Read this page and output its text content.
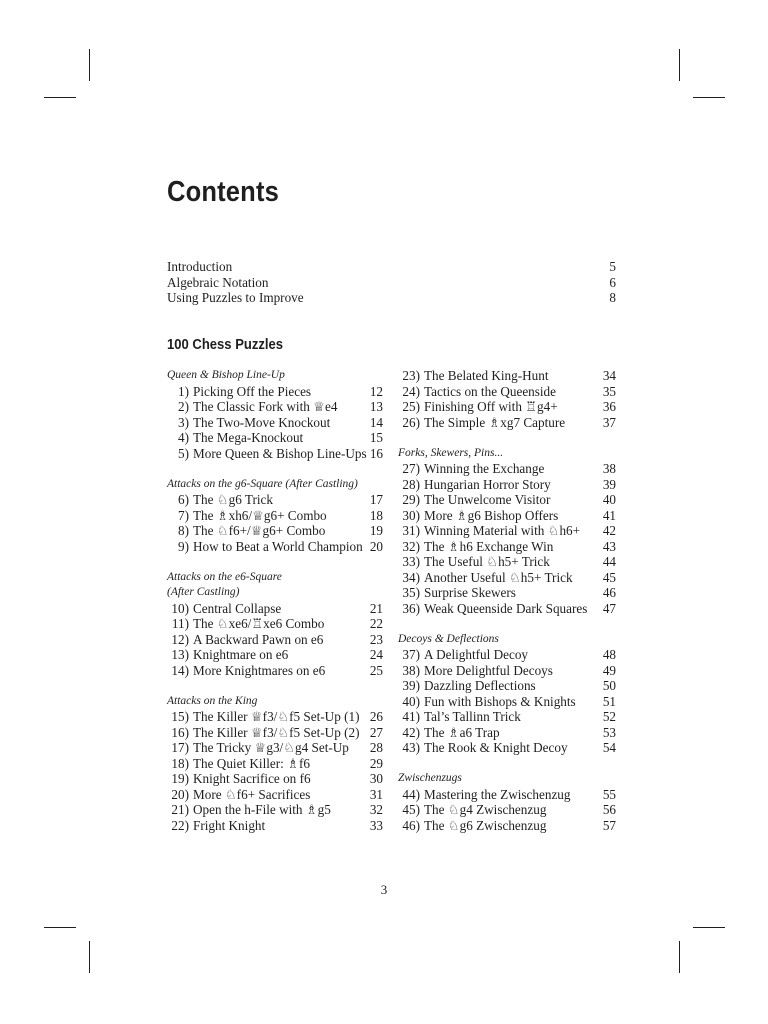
Contents
Introduction	5
Algebraic Notation	6
Using Puzzles to Improve	8
100 Chess Puzzles
Queen & Bishop Line-Up
1) Picking Off the Pieces	12
2) The Classic Fork with ♕e4	13
3) The Two-Move Knockout	14
4) The Mega-Knockout	15
5) More Queen & Bishop Line-Ups 16
Attacks on the g6-Square (After Castling)
6) The ♘g6 Trick	17
7) The ♗xh6/♕g6+ Combo	18
8) The ♘f6+/♕g6+ Combo	19
9) How to Beat a World Champion 20
Attacks on the e6-Square
(After Castling)
10) Central Collapse	21
11) The ♘xe6/♖xe6 Combo	22
12) A Backward Pawn on e6	23
13) Knightmare on e6	24
14) More Knightmares on e6	25
Attacks on the King
15) The Killer ♕f3/♘f5 Set-Up (1) 26
16) The Killer ♕f3/♘f5 Set-Up (2) 27
17) The Tricky ♕g3/♘g4 Set-Up	28
18) The Quiet Killer: ♗f6	29
19) Knight Sacrifice on f6	30
20) More ♘f6+ Sacrifices	31
21) Open the h-File with ♗g5	32
22) Fright Knight	33
23) The Belated King-Hunt	34
24) Tactics on the Queenside	35
25) Finishing Off with ♖g4+	36
26) The Simple ♗xg7 Capture	37
Forks, Skewers, Pins...
27) Winning the Exchange	38
28) Hungarian Horror Story	39
29) The Unwelcome Visitor	40
30) More ♗g6 Bishop Offers	41
31) Winning Material with ♘h6+	42
32) The ♗h6 Exchange Win	43
33) The Useful ♘h5+ Trick	44
34) Another Useful ♘h5+ Trick	45
35) Surprise Skewers	46
36) Weak Queenside Dark Squares	47
Decoys & Deflections
37) A Delightful Decoy	48
38) More Delightful Decoys	49
39) Dazzling Deflections	50
40) Fun with Bishops & Knights	51
41) Tal’s Tallinn Trick	52
42) The ♗a6 Trap	53
43) The Rook & Knight Decoy	54
Zwischenzugs
44) Mastering the Zwischenzug	55
45) The ♘g4 Zwischenzug	56
46) The ♘g6 Zwischenzug	57
3
